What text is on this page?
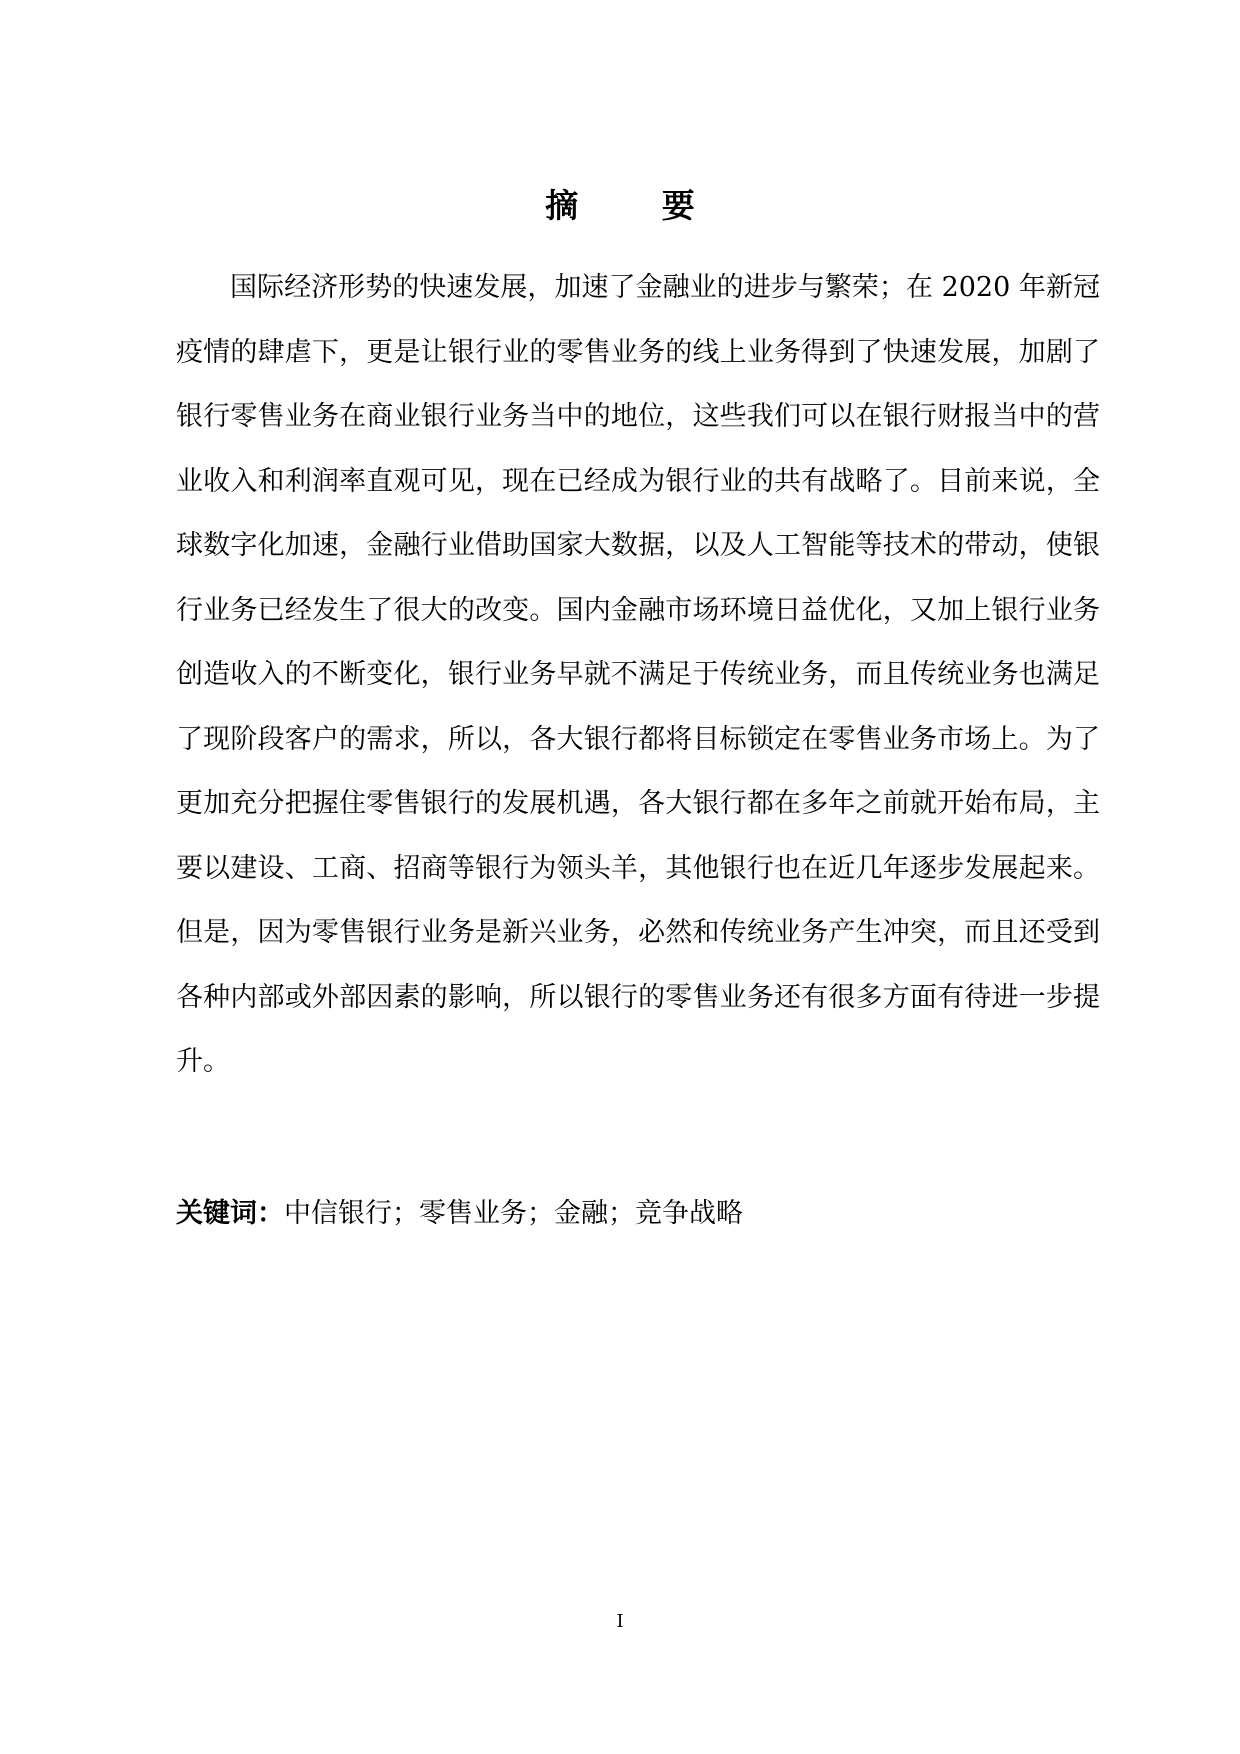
摘 要

国际经济形势的快速发展，加速了金融业的进步与繁荣；在 2020 年新冠疫情的肆虐下，更是让银行业的零售业务的线上业务得到了快速发展，加剧了银行零售业务在商业银行业务当中的地位，这些我们可以在银行财报当中的营业收入和利润率直观可见，现在已经成为银行业的共有战略了。目前来说，全球数字化加速，金融行业借助国家大数据，以及人工智能等技术的带动，使银行业务已经发生了很大的改变。国内金融市场环境日益优化，又加上银行业务创造收入的不断变化，银行业务早就不满足于传统业务，而且传统业务也满足了现阶段客户的需求，所以，各大银行都将目标锁定在零售业务市场上。为了更加充分把握住零售银行的发展机遇，各大银行都在多年之前就开始布局，主要以建设、工商、招商等银行为领头羊，其他银行也在近几年逐步发展起来。但是，因为零售银行业务是新兴业务，必然和传统业务产生冲突，而且还受到各种内部或外部因素的影响，所以银行的零售业务还有很多方面有待进一步提升。

关键词：中信银行；零售业务；金融；竞争战略

I
